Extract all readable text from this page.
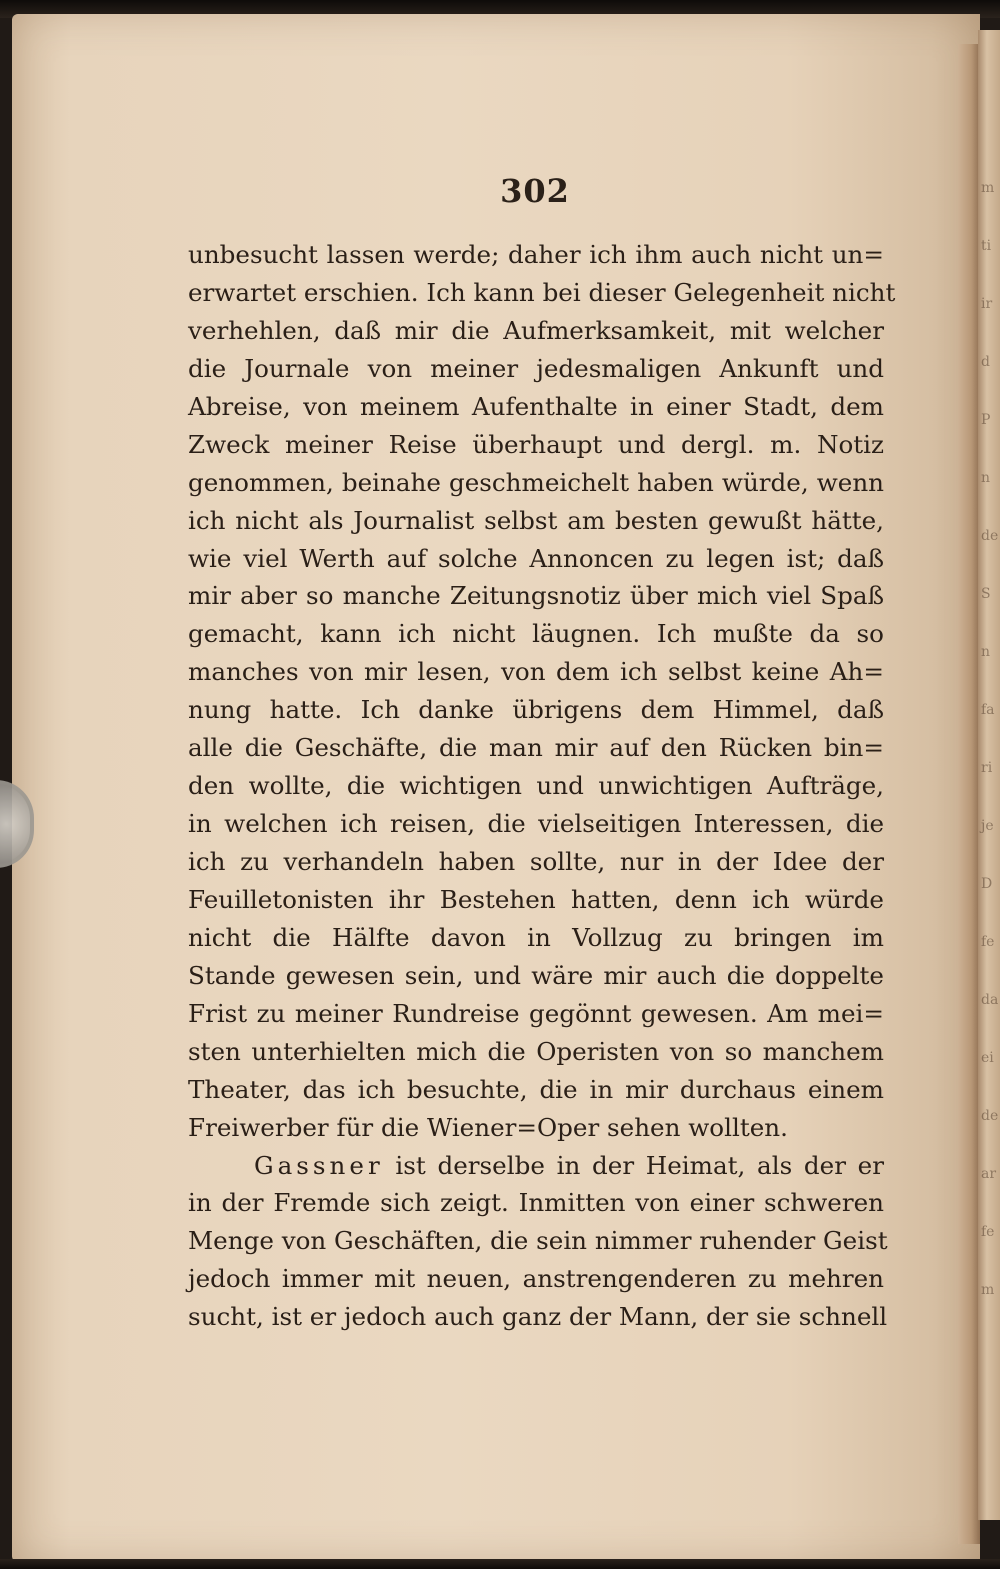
m
ti
ir
d
P
n
de
S
n
fa
ri
je
D
fe
da
ei
de
ar
fe
m
302
unbesucht lassen werde; daher ich ihm auch nicht un=
erwartet erschien. Ich kann bei dieser Gelegenheit nicht
verhehlen, daß mir die Aufmerksamkeit, mit welcher
die Journale von meiner jedesmaligen Ankunft und
Abreise, von meinem Aufenthalte in einer Stadt, dem
Zweck meiner Reise überhaupt und dergl. m. Notiz
genommen, beinahe geschmeichelt haben würde, wenn
ich nicht als Journalist selbst am besten gewußt hätte,
wie viel Werth auf solche Annoncen zu legen ist; daß
mir aber so manche Zeitungsnotiz über mich viel Spaß
gemacht, kann ich nicht läugnen. Ich mußte da so
manches von mir lesen, von dem ich selbst keine Ah=
nung hatte. Ich danke übrigens dem Himmel, daß
alle die Geschäfte, die man mir auf den Rücken bin=
den wollte, die wichtigen und unwichtigen Aufträge,
in welchen ich reisen, die vielseitigen Interessen, die
ich zu verhandeln haben sollte, nur in der Idee der
Feuilletonisten ihr Bestehen hatten, denn ich würde
nicht die Hälfte davon in Vollzug zu bringen im
Stande gewesen sein, und wäre mir auch die doppelte
Frist zu meiner Rundreise gegönnt gewesen. Am mei=
sten unterhielten mich die Operisten von so manchem
Theater, das ich besuchte, die in mir durchaus einem
Freiwerber für die Wiener=Oper sehen wollten.
Gassner ist derselbe in der Heimat, als der er
in der Fremde sich zeigt. Inmitten von einer schweren
Menge von Geschäften, die sein nimmer ruhender Geist
jedoch immer mit neuen, anstrengenderen zu mehren
sucht, ist er jedoch auch ganz der Mann, der sie schnell
